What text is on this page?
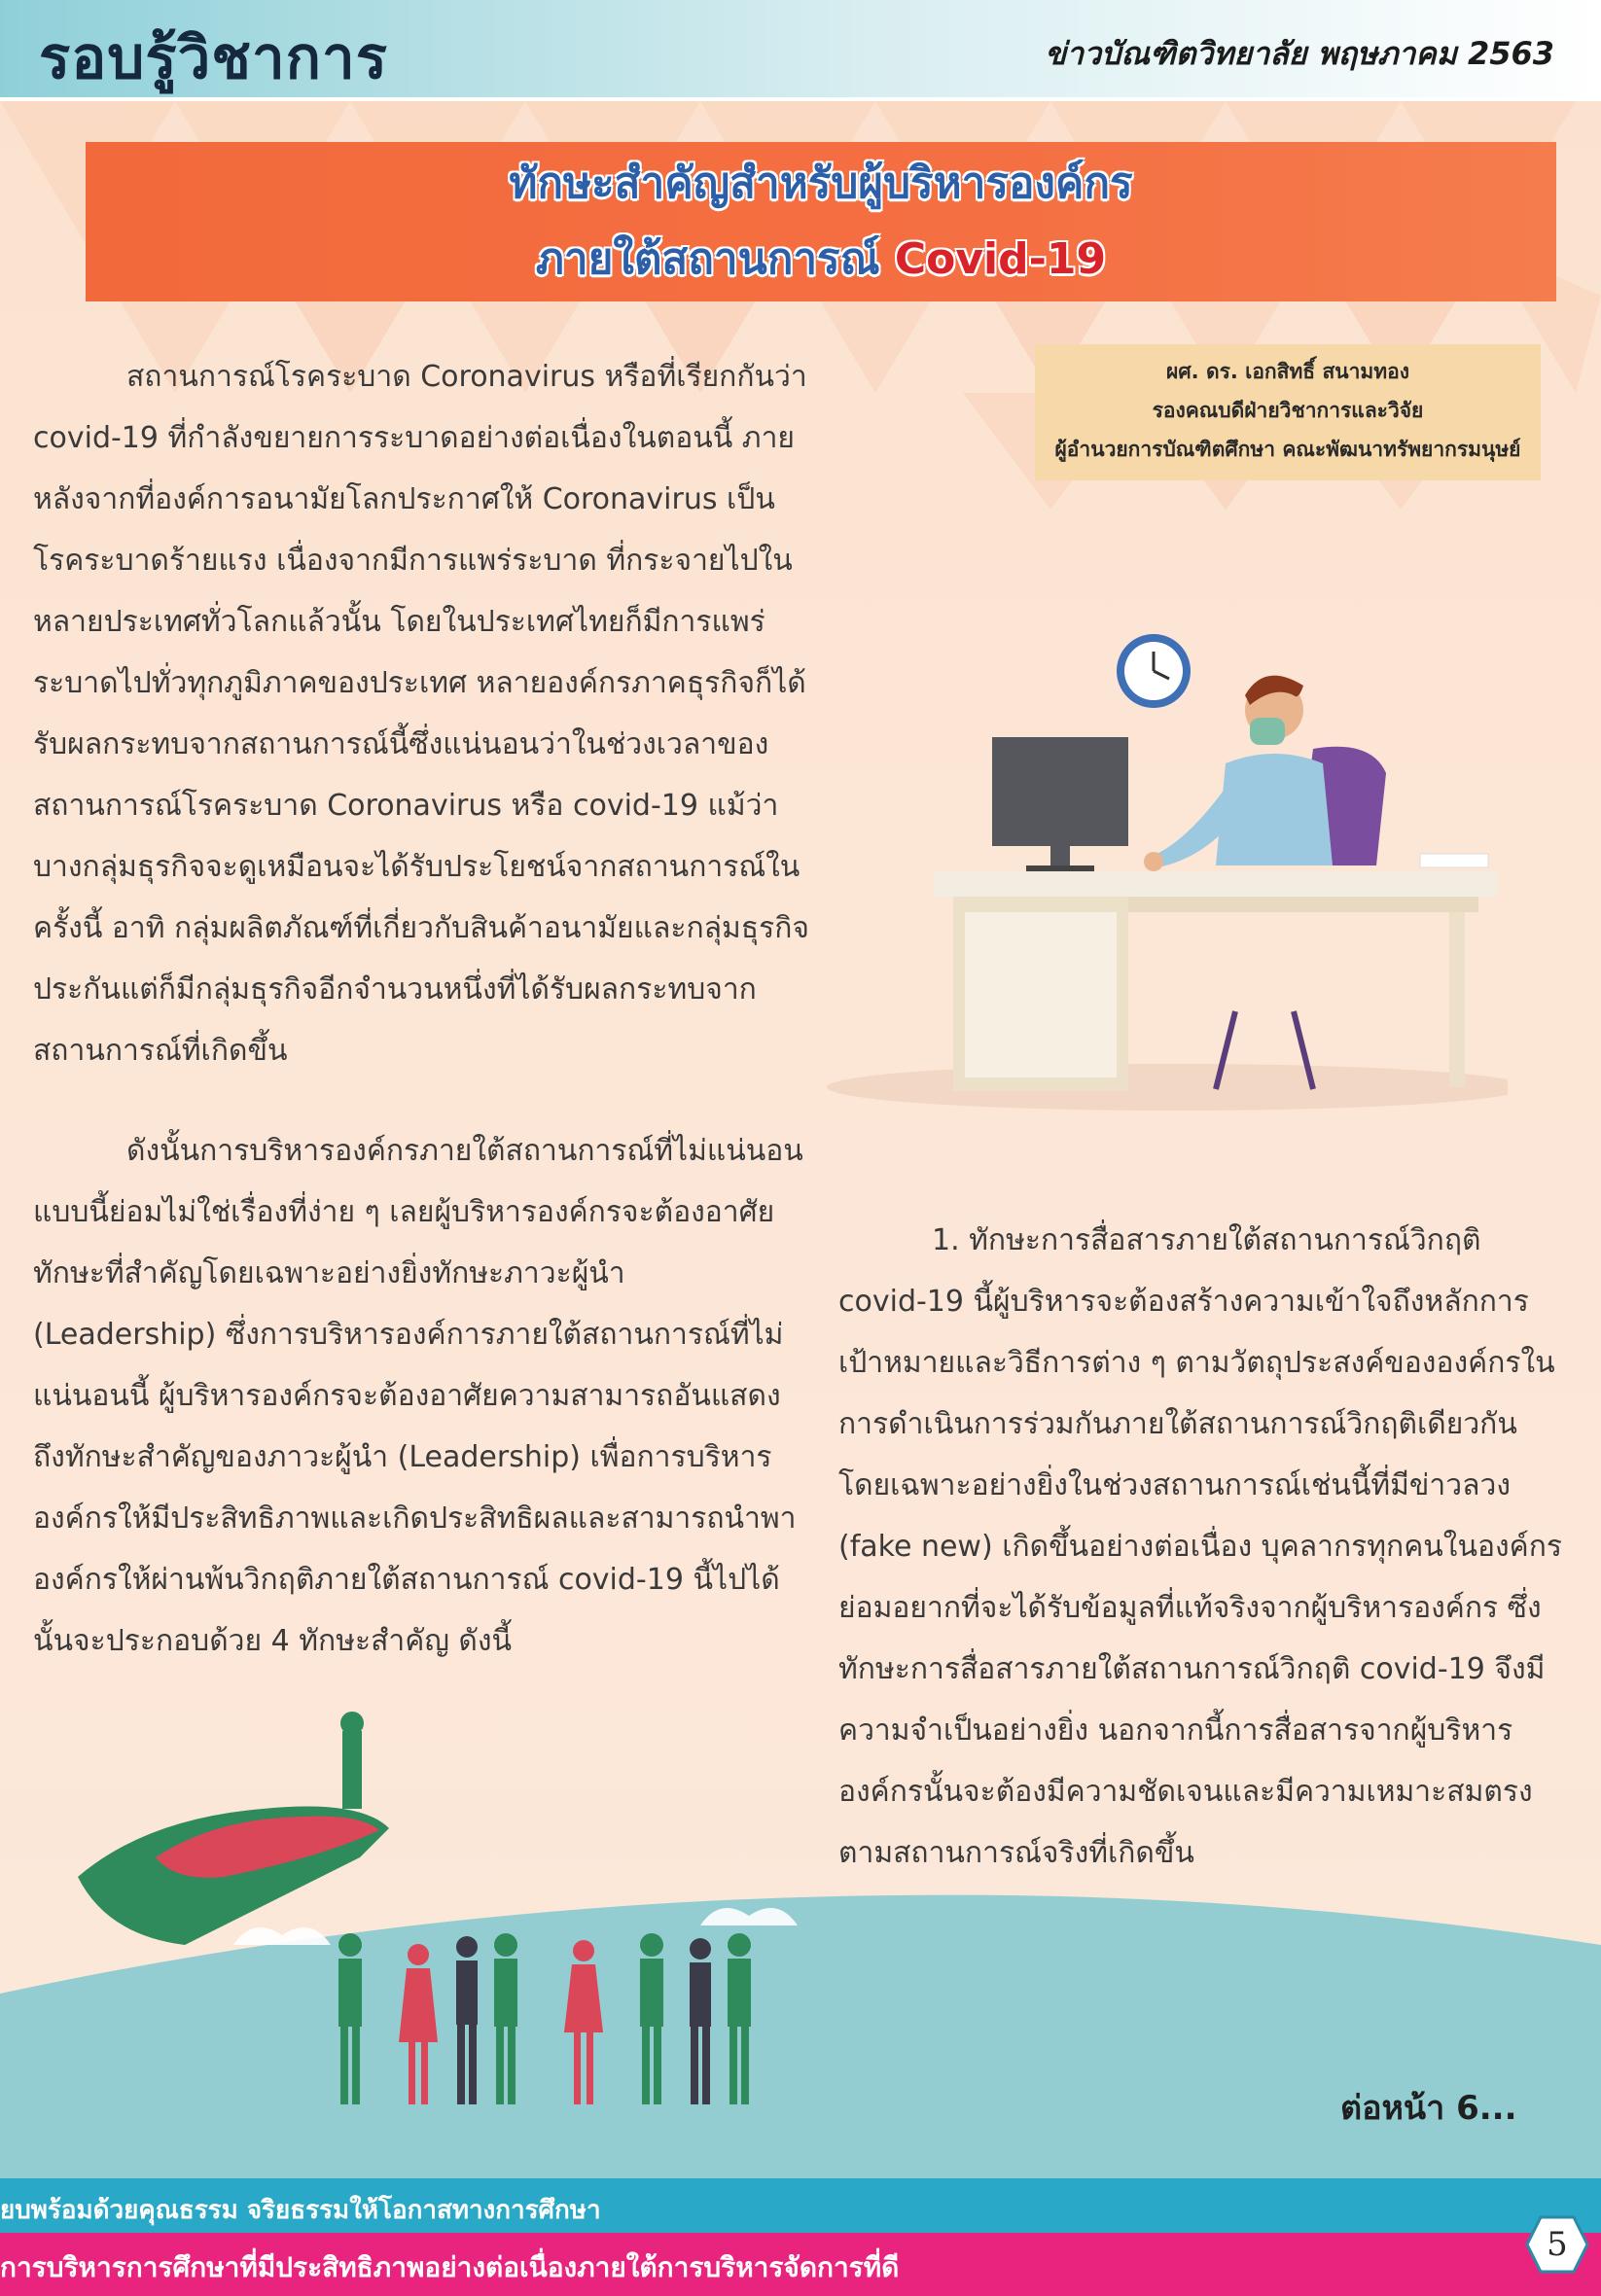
รอบรู้วิชาการ	ข่าวบัณฑิตวิทยาลัย พฤษภาคม 2563
ทักษะสำคัญสำหรับผู้บริหารองค์กร
ภายใต้สถานการณ์ Covid-19
ผศ. ดร. เอกสิทธิ์ สนามทอง
รองคณบดีฝ่ายวิชาการและวิจัย
ผู้อำนวยการบัณฑิตศึกษา คณะพัฒนาทรัพยากรมนุษย์

สถานการณ์โรคระบาด Coronavirus หรือที่เรียกกันว่า covid-19 ที่กำลังขยายการระบาดอย่างต่อเนื่องในตอนนี้ ภายหลังจากที่องค์การอนามัยโลกประกาศให้ Coronavirus เป็นโรคระบาดร้ายแรง เนื่องจากมีการแพร่ระบาด ที่กระจายไปในหลายประเทศทั่วโลกแล้วนั้น โดยในประเทศไทยก็มีการแพร่ระบาดไปทั่วทุกภูมิภาคของประเทศ หลายองค์กรภาคธุรกิจก็ได้รับผลกระทบจากสถานการณ์นี้ซึ่งแน่นอนว่าในช่วงเวลาของสถานการณ์โรคระบาด Coronavirus หรือ covid-19 แม้ว่าบางกลุ่มธุรกิจจะดูเหมือนจะได้รับประโยชน์จากสถานการณ์ในครั้งนี้ อาทิ กลุ่มผลิตภัณฑ์ที่เกี่ยวกับสินค้าอนามัยและกลุ่มธุรกิจประกันแต่ก็มีกลุ่มธุรกิจอีกจำนวนหนึ่งที่ได้รับผลกระทบจากสถานการณ์ที่เกิดขึ้น

ดังนั้นการบริหารองค์กรภายใต้สถานการณ์ที่ไม่แน่นอนแบบนี้ย่อมไม่ใช่เรื่องที่ง่าย ๆ เลยผู้บริหารองค์กรจะต้องอาศัยทักษะที่สำคัญโดยเฉพาะอย่างยิ่งทักษะภาวะผู้นำ (Leadership) ซึ่งการบริหารองค์การภายใต้สถานการณ์ที่ไม่แน่นอนนี้ ผู้บริหารองค์กรจะต้องอาศัยความสามารถอันแสดงถึงทักษะสำคัญของภาวะผู้นำ (Leadership) เพื่อการบริหารองค์กรให้มีประสิทธิภาพและเกิดประสิทธิผลและสามารถนำพาองค์กรให้ผ่านพ้นวิกฤติภายใต้สถานการณ์ covid-19 นี้ไปได้นั้นจะประกอบด้วย 4 ทักษะสำคัญ ดังนี้

1. ทักษะการสื่อสารภายใต้สถานการณ์วิกฤติ covid-19 นี้ผู้บริหารจะต้องสร้างความเข้าใจถึงหลักการเป้าหมายและวิธีการต่าง ๆ ตามวัตถุประสงค์ขององค์กรในการดำเนินการร่วมกันภายใต้สถานการณ์วิกฤติเดียวกัน โดยเฉพาะอย่างยิ่งในช่วงสถานการณ์เช่นนี้ที่มีข่าวลวง (fake new) เกิดขึ้นอย่างต่อเนื่อง บุคลากรทุกคนในองค์กรย่อมอยากที่จะได้รับข้อมูลที่แท้จริงจากผู้บริหารองค์กร ซึ่งทักษะการสื่อสารภายใต้สถานการณ์วิกฤติ covid-19 จึงมีความจำเป็นอย่างยิ่ง นอกจากนี้การสื่อสารจากผู้บริหารองค์กรนั้นจะต้องมีความชัดเจนและมีความเหมาะสมตรงตามสถานการณ์จริงที่เกิดขึ้น

ต่อหน้า 6...
ยบพร้อมด้วยคุณธรรม จริยธรรมให้โอกาสทางการศึกษา
การบริหารการศึกษาที่มีประสิทธิภาพอย่างต่อเนื่องภายใต้การบริหารจัดการที่ดี
5
